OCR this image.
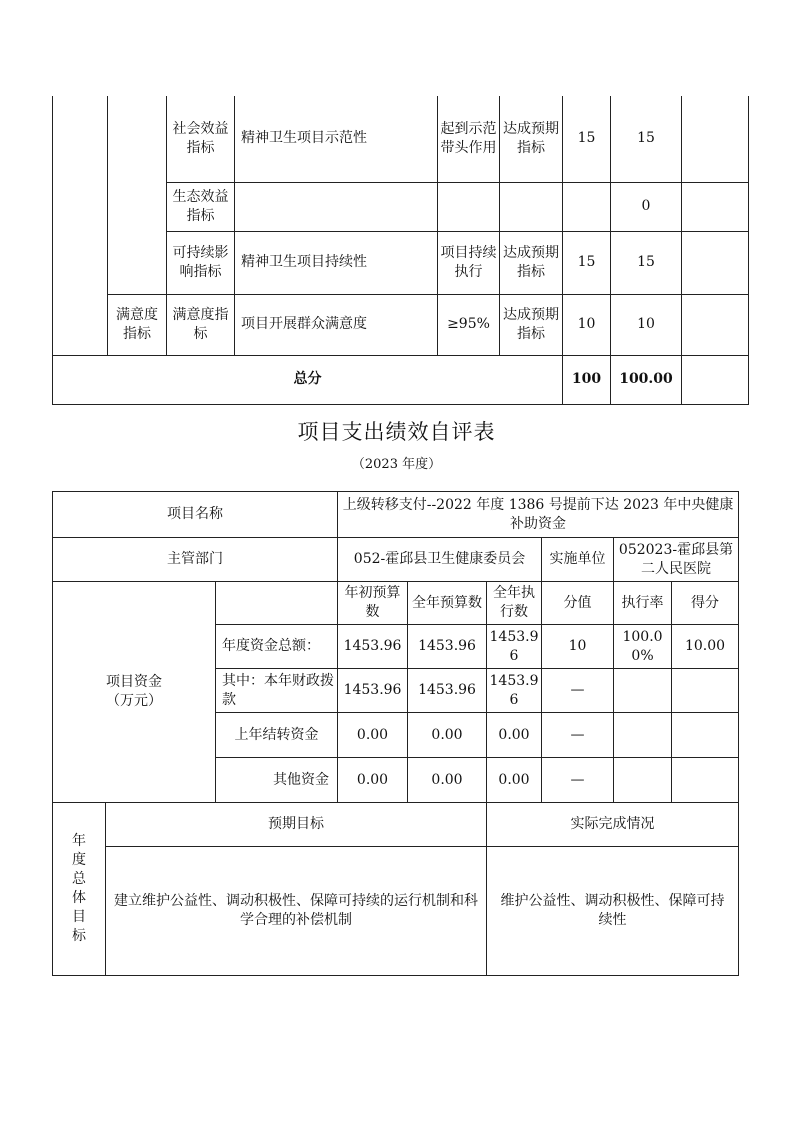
		社会效益指标	精神卫生项目示范性	起到示范带头作用	达成预期指标	15	15	
		生态效益指标					0	
		可持续影响指标	精神卫生项目持续性	项目持续执行	达成预期指标	15	15	
	满意度指标	满意度指标	项目开展群众满意度	≥95%	达成预期指标	10	10	
总分						100	100.00	
项目支出绩效自评表
（2023 年度）
项目名称			上级转移支付--2022 年度 1386 号提前下达 2023 年中央健康补助资金					
主管部门			052-霍邱县卫生健康委员会			实施单位	052023-霍邱县第二人民医院	

项目资金（万元）			年初预算数	全年预算数	全年执行数	分值	执行率	得分
		年度资金总额：	1453.96	1453.96	1453.96	10	100.00%	10.00
		其中：本年财政拨款	1453.96	1453.96	1453.96	—		
		上年结转资金	0.00	0.00	0.00	—		
		其他资金	0.00	0.00	0.00	—		

年度总体目标	预期目标				实际完成情况			
	建立维护公益性、调动积极性、保障可持续的运行机制和科学合理的补偿机制				维护公益性、调动积极性、保障可持续性			
